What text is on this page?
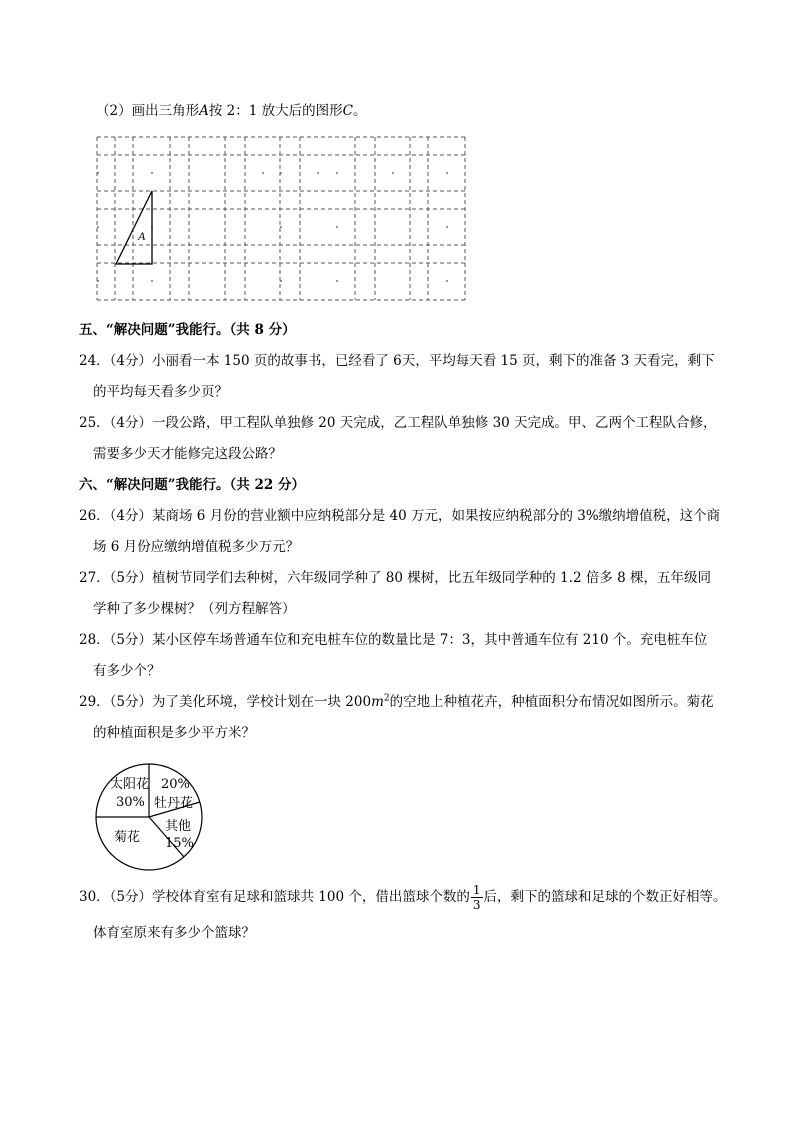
（2）画出三角形A按 2：1 放大后的图形C。
A
五、“解决问题”我能行。（共 8 分）
24．（4分）小丽看一本 150 页的故事书，已经看了 6天，平均每天看 15 页，剩下的准备 3 天看完，剩下
的平均每天看多少页？
25．（4分）一段公路，甲工程队单独修 20 天完成，乙工程队单独修 30 天完成。甲、乙两个工程队合修，
需要多少天才能修完这段公路？
六、“解决问题”我能行。（共 22 分）
26．（4分）某商场 6 月份的营业额中应纳税部分是 40 万元，如果按应纳税部分的 3%缴纳增值税，这个商
场 6 月份应缴纳增值税多少万元？
27．（5分）植树节同学们去种树，六年级同学种了 80 棵树，比五年级同学种的 1.2 倍多 8 棵，五年级同
学种了多少棵树？（列方程解答）
28．（5分）某小区停车场普通车位和充电桩车位的数量比是 7：3，其中普通车位有 210 个。充电桩车位
有多少个？
29．（5分）为了美化环境，学校计划在一块 $200m^2$的空地上种植花卉，种植面积分布情况如图所示。菊花
的种植面积是多少平方米？
太阳花
30%
20%
牡丹花
其他
15%
菊花
30．（5分）学校体育室有足球和篮球共 100 个，借出篮球个数的 $\frac{1}{3}$ 后，剩下的篮球和足球的个数正好相等。
体育室原来有多少个篮球？
